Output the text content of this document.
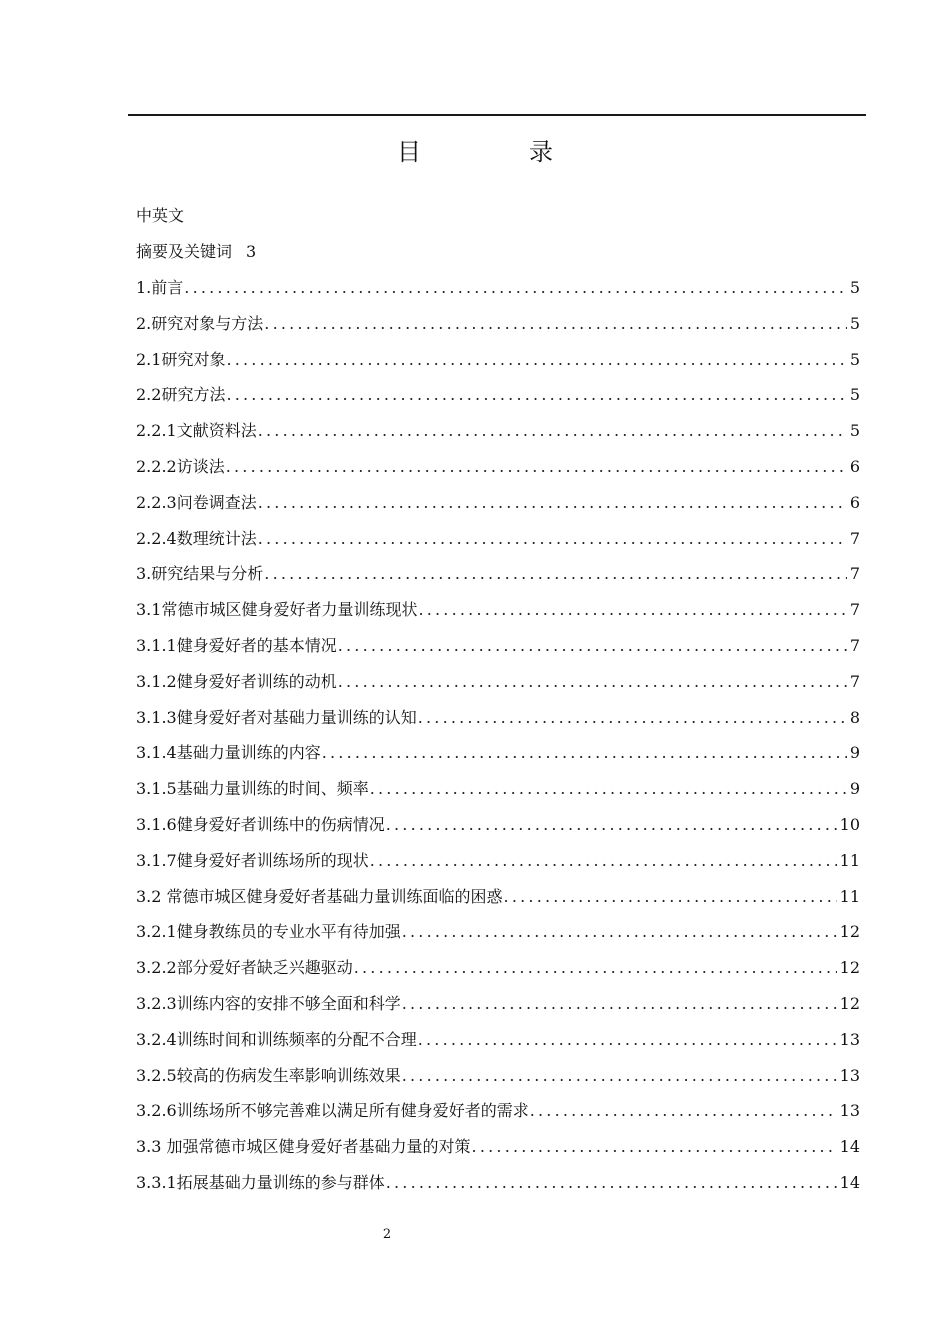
目　录
中英文
摘要及关键词 3
1.前言 .....	5
2.研究对象与方法 .....	5
2.1研究对象 .....	5
2.2研究方法 .....	5
2.2.1文献资料法 .....	5
2.2.2访谈法 .....	6
2.2.3问卷调查法 .....	6
2.2.4数理统计法 .....	7
3.研究结果与分析 .....	7
3.1常德市城区健身爱好者力量训练现状 .....	7
3.1.1健身爱好者的基本情况 .....	7
3.1.2健身爱好者训练的动机 .....	7
3.1.3健身爱好者对基础力量训练的认知 .....	8
3.1.4基础力量训练的内容 .....	9
3.1.5基础力量训练的时间、频率 .....	9
3.1.6健身爱好者训练中的伤病情况 .....	10
3.1.7健身爱好者训练场所的现状 .....	11
3.2 常德市城区健身爱好者基础力量训练面临的困惑 .....	11
3.2.1健身教练员的专业水平有待加强 .....	12
3.2.2部分爱好者缺乏兴趣驱动 .....	12
3.2.3训练内容的安排不够全面和科学 .....	12
3.2.4训练时间和训练频率的分配不合理 .....	13
3.2.5较高的伤病发生率影响训练效果 .....	13
3.2.6训练场所不够完善难以满足所有健身爱好者的需求 .....	13
3.3 加强常德市城区健身爱好者基础力量的对策 .....	14
3.3.1拓展基础力量训练的参与群体 .....	14
2
